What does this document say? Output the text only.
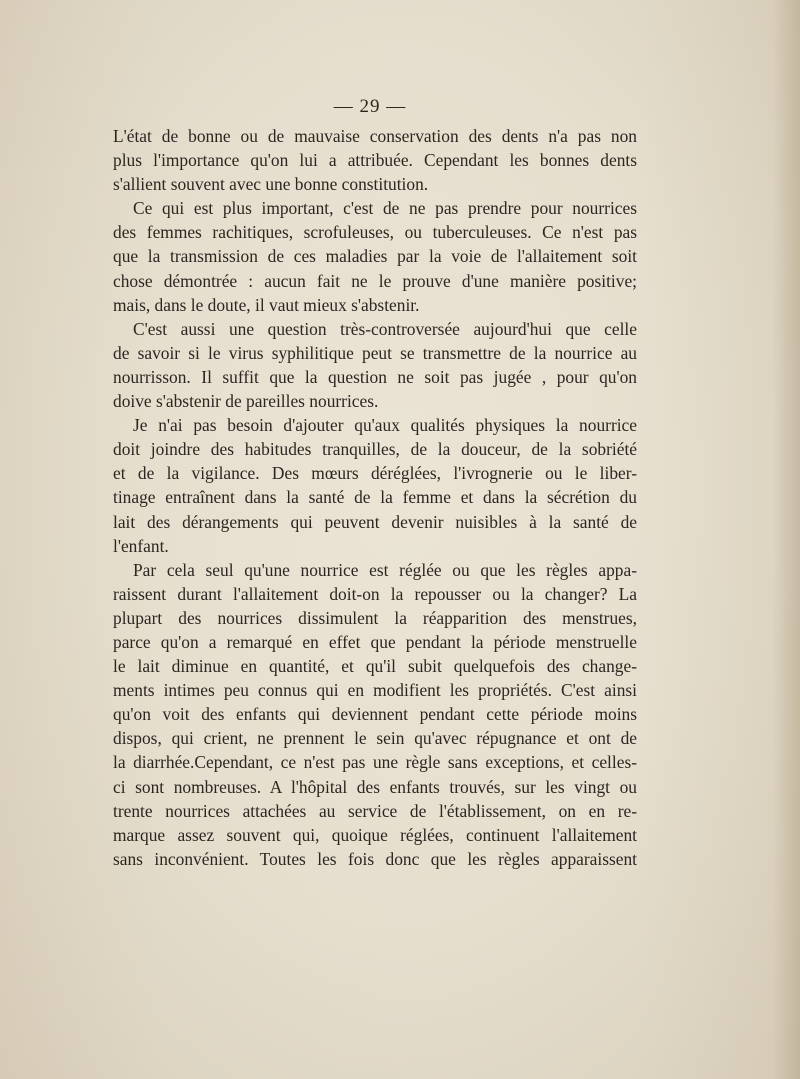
— 29 —
L'état de bonne ou de mauvaise conservation des dents n'a pas non
plus l'importance qu'on lui a attribuée. Cependant les bonnes dents
s'allient souvent avec une bonne constitution.
Ce qui est plus important, c'est de ne pas prendre pour nourrices
des femmes rachitiques, scrofuleuses, ou tuberculeuses. Ce n'est pas
que la transmission de ces maladies par la voie de l'allaitement soit
chose démontrée : aucun fait ne le prouve d'une manière positive;
mais, dans le doute, il vaut mieux s'abstenir.
C'est aussi une question très-controversée aujourd'hui que celle
de savoir si le virus syphilitique peut se transmettre de la nourrice au
nourrisson. Il suffit que la question ne soit pas jugée , pour qu'on
doive s'abstenir de pareilles nourrices.
Je n'ai pas besoin d'ajouter qu'aux qualités physiques la nourrice
doit joindre des habitudes tranquilles, de la douceur, de la sobriété
et de la vigilance. Des mœurs déréglées, l'ivrognerie ou le liber-
tinage entraînent dans la santé de la femme et dans la sécrétion du
lait des dérangements qui peuvent devenir nuisibles à la santé de
l'enfant.
Par cela seul qu'une nourrice est réglée ou que les règles appa-
raissent durant l'allaitement doit-on la repousser ou la changer? La
plupart des nourrices dissimulent la réapparition des menstrues,
parce qu'on a remarqué en effet que pendant la période menstruelle
le lait diminue en quantité, et qu'il subit quelquefois des change-
ments intimes peu connus qui en modifient les propriétés. C'est ainsi
qu'on voit des enfants qui deviennent pendant cette période moins
dispos, qui crient, ne prennent le sein qu'avec répugnance et ont de
la diarrhée.Cependant, ce n'est pas une règle sans exceptions, et celles-
ci sont nombreuses. A l'hôpital des enfants trouvés, sur les vingt ou
trente nourrices attachées au service de l'établissement, on en re-
marque assez souvent qui, quoique réglées, continuent l'allaitement
sans inconvénient. Toutes les fois donc que les règles apparaissent
